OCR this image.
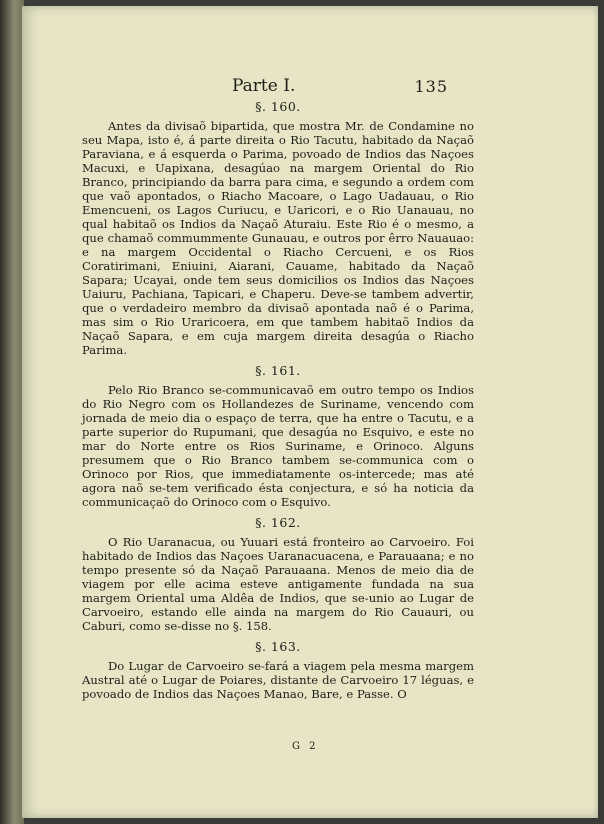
Parte I.	135
§. 160.

Antes da divisaõ bipartida, que mostra Mr. de Condamine no seu Mapa, isto é, á parte direita o Rio Tacutu, habitado da Naçaõ Paraviana, e á esquerda o Parima, povoado de Indios das Naçoes Macuxi, e Uapixana, desagúao na margem Oriental do Rio Branco, principiando da barra para cima, e segundo a ordem com que vaõ apontados, o Riacho Macoare, o Lago Uadauau, o Rio Emencueni, os Lagos Curiucu, e Uaricori, e o Rio Uanauau, no qual habitaõ os Indios da Naçaõ Aturaiu. Este Rio é o mesmo, a que chamaõ commummente Gunauau, e outros por êrro Nauauao: e na margem Occidental o Riacho Cercueni, e os Rios Coratirimani, Eniuini, Aiarani, Cauame, habitado da Naçaõ Sapara; Ucayai, onde tem seus domicilios os Indios das Naçoes Uaiuru, Pachiana, Tapicari, e Chaperu. Deve-se tambem advertir, que o verdadeiro membro da divisaõ apontada naõ é o Parima, mas sim o Rio Uraricoera, em que tambem habitaõ Indios da Naçaõ Sapara, e em cuja margem direita desagúa o Riacho Parima.

§. 161.

Pelo Rio Branco se-communicavaõ em outro tempo os Indios do Rio Negro com os Hollandezes de Suriname, vencendo com jornada de meio dia o espaço de terra, que ha entre o Tacutu, e a parte superior do Rupumani, que desagúa no Esquivo, e este no mar do Norte entre os Rios Suriname, e Orinoco. Alguns presumem que o Rio Branco tambem se-communica com o Orinoco por Rios, que immediatamente os-intercede; mas até agora naõ se-tem verificado ésta conjectura, e só ha noticia da communicaçaõ do Orinoco com o Esquivo.

§. 162.

O Rio Uaranacua, ou Yuuari está fronteiro ao Carvoeiro. Foi habitado de Indios das Naçoes Uaranacuacena, e Parauaana; e no tempo presente só da Naçaõ Parauaana. Menos de meio dia de viagem por elle acima esteve antigamente fundada na sua margem Oriental uma Aldêa de Indios, que se-unio ao Lugar de Carvoeiro, estando elle ainda na margem do Rio Cauauri, ou Caburi, como se-disse no §. 158.

§. 163.

Do Lugar de Carvoeiro se-fará a viagem pela mesma margem Austral até o Lugar de Poiares, distante de Carvoeiro 17 léguas, e povoado de Indios das Naçoes Manao, Bare, e Passe. O

G 2
